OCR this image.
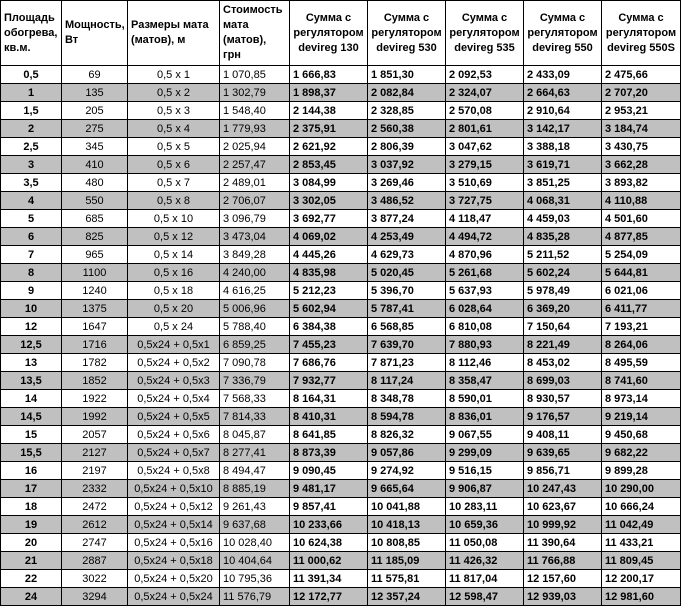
Площадь обогрева, кв.м.	Мощность, Вт	Размеры мата (матов), м	Стоимость мата (матов), грн	Сумма с регулятором devireg 130	Сумма с регулятором devireg 530	Сумма с регулятором devireg 535	Сумма с регулятором devireg 550	Сумма с регулятором devireg 550S
0,5	69	0,5 x 1	1 070,85	1 666,83	1 851,30	2 092,53	2 433,09	2 475,66
1	135	0,5 x 2	1 302,79	1 898,37	2 082,84	2 324,07	2 664,63	2 707,20
1,5	205	0,5 x 3	1 548,40	2 144,38	2 328,85	2 570,08	2 910,64	2 953,21
2	275	0,5 x 4	1 779,93	2 375,91	2 560,38	2 801,61	3 142,17	3 184,74
2,5	345	0,5 x 5	2 025,94	2 621,92	2 806,39	3 047,62	3 388,18	3 430,75
3	410	0,5 x 6	2 257,47	2 853,45	3 037,92	3 279,15	3 619,71	3 662,28
3,5	480	0,5 x 7	2 489,01	3 084,99	3 269,46	3 510,69	3 851,25	3 893,82
4	550	0,5 x 8	2 706,07	3 302,05	3 486,52	3 727,75	4 068,31	4 110,88
5	685	0,5 x 10	3 096,79	3 692,77	3 877,24	4 118,47	4 459,03	4 501,60
6	825	0,5 x 12	3 473,04	4 069,02	4 253,49	4 494,72	4 835,28	4 877,85
7	965	0,5 x 14	3 849,28	4 445,26	4 629,73	4 870,96	5 211,52	5 254,09
8	1100	0,5 x 16	4 240,00	4 835,98	5 020,45	5 261,68	5 602,24	5 644,81
9	1240	0,5 x 18	4 616,25	5 212,23	5 396,70	5 637,93	5 978,49	6 021,06
10	1375	0,5 x 20	5 006,96	5 602,94	5 787,41	6 028,64	6 369,20	6 411,77
12	1647	0,5 x 24	5 788,40	6 384,38	6 568,85	6 810,08	7 150,64	7 193,21
12,5	1716	0,5x24 + 0,5x1	6 859,25	7 455,23	7 639,70	7 880,93	8 221,49	8 264,06
13	1782	0,5x24 + 0,5x2	7 090,78	7 686,76	7 871,23	8 112,46	8 453,02	8 495,59
13,5	1852	0,5x24 + 0,5x3	7 336,79	7 932,77	8 117,24	8 358,47	8 699,03	8 741,60
14	1922	0,5x24 + 0,5x4	7 568,33	8 164,31	8 348,78	8 590,01	8 930,57	8 973,14
14,5	1992	0,5x24 + 0,5x5	7 814,33	8 410,31	8 594,78	8 836,01	9 176,57	9 219,14
15	2057	0,5x24 + 0,5x6	8 045,87	8 641,85	8 826,32	9 067,55	9 408,11	9 450,68
15,5	2127	0,5x24 + 0,5x7	8 277,41	8 873,39	9 057,86	9 299,09	9 639,65	9 682,22
16	2197	0,5x24 + 0,5x8	8 494,47	9 090,45	9 274,92	9 516,15	9 856,71	9 899,28
17	2332	0,5x24 + 0,5x10	8 885,19	9 481,17	9 665,64	9 906,87	10 247,43	10 290,00
18	2472	0,5x24 + 0,5x12	9 261,43	9 857,41	10 041,88	10 283,11	10 623,67	10 666,24
19	2612	0,5x24 + 0,5x14	9 637,68	10 233,66	10 418,13	10 659,36	10 999,92	11 042,49
20	2747	0,5x24 + 0,5x16	10 028,40	10 624,38	10 808,85	11 050,08	11 390,64	11 433,21
21	2887	0,5x24 + 0,5x18	10 404,64	11 000,62	11 185,09	11 426,32	11 766,88	11 809,45
22	3022	0,5x24 + 0,5x20	10 795,36	11 391,34	11 575,81	11 817,04	12 157,60	12 200,17
24	3294	0,5x24 + 0,5x24	11 576,79	12 172,77	12 357,24	12 598,47	12 939,03	12 981,60
